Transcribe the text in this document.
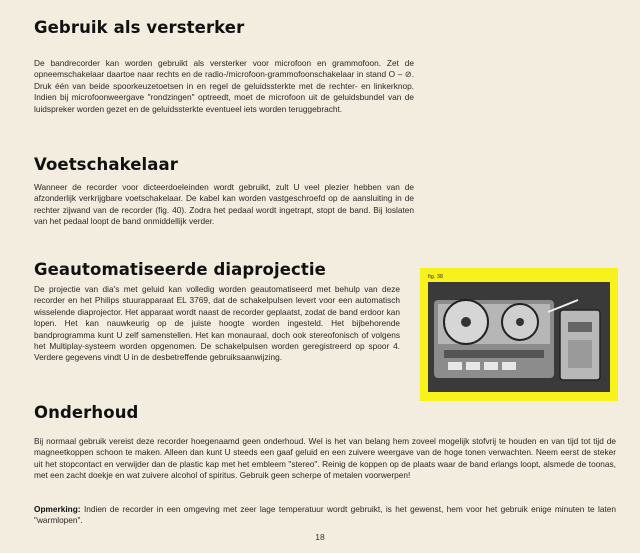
Gebruik als versterker

De bandrecorder kan worden gebruikt als versterker voor microfoon en grammofoon. Zet de opneemschakelaar daartoe naar rechts en de radio-/microfoon-grammofoonschakelaar in stand O – ⊘. Druk één van beide spoorkeuzetoetsen in en regel de geluidssterkte met de rechter- en linkerknop. Indien bij microfoonweergave "rondzingen" optreedt, moet de microfoon uit de geluidsbundel van de luidspreker worden gezet en de geluidssterkte eventueel iets worden teruggebracht.

Voetschakelaar

Wanneer de recorder voor dicteerdoeleinden wordt gebruikt, zult U veel plezier hebben van de afzonderlijk verkrijgbare voetschakelaar. De kabel kan worden vastgeschroefd op de aansluiting in de rechter zijwand van de recorder (fig. 40). Zodra het pedaal wordt ingetrapt, stopt de band. Bij loslaten van het pedaal loopt de band onmiddellijk verder.

Geautomatiseerde diaprojectie

De projectie van dia's met geluid kan volledig worden geautomatiseerd met behulp van deze recorder en het Philips stuurapparaat EL 3769, dat de schakelpulsen levert voor een automatisch wisselende diaprojector. Het apparaat wordt naast de recorder geplaatst, zodat de band erdoor kan lopen. Het kan nauwkeurig op de juiste hoogte worden ingesteld. Het bijbehorende bandprogramma kunt U zelf samenstellen. Het kan monauraal, doch ook stereofonisch of volgens het Multiplay-systeem worden opgenomen. De schakelpulsen worden geregistreerd op spoor 4. Verdere gegevens vindt U in de desbetreffende gebruiksaanwijzing.

fig. 38
Onderhoud

Bij normaal gebruik vereist deze recorder hoegenaamd geen onderhoud. Wel is het van belang hem zoveel mogelijk stofvrij te houden en van tijd tot tijd de magneetkoppen schoon te maken. Alleen dan kunt U steeds een gaaf geluid en een zuivere weergave van de hoge tonen verwachten. Neem eerst de steker uit het stopcontact en verwijder dan de plastic kap met het embleem "stereo". Reinig de koppen op de plaats waar de band erlangs loopt, alsmede de toonas, met een zacht doekje en wat zuivere alcohol of spiritus. Gebruik geen scherpe of metalen voorwerpen!

Opmerking: Indien de recorder in een omgeving met zeer lage temperatuur wordt gebruikt, is het gewenst, hem voor het gebruik enige minuten te laten "warmlopen".

18
